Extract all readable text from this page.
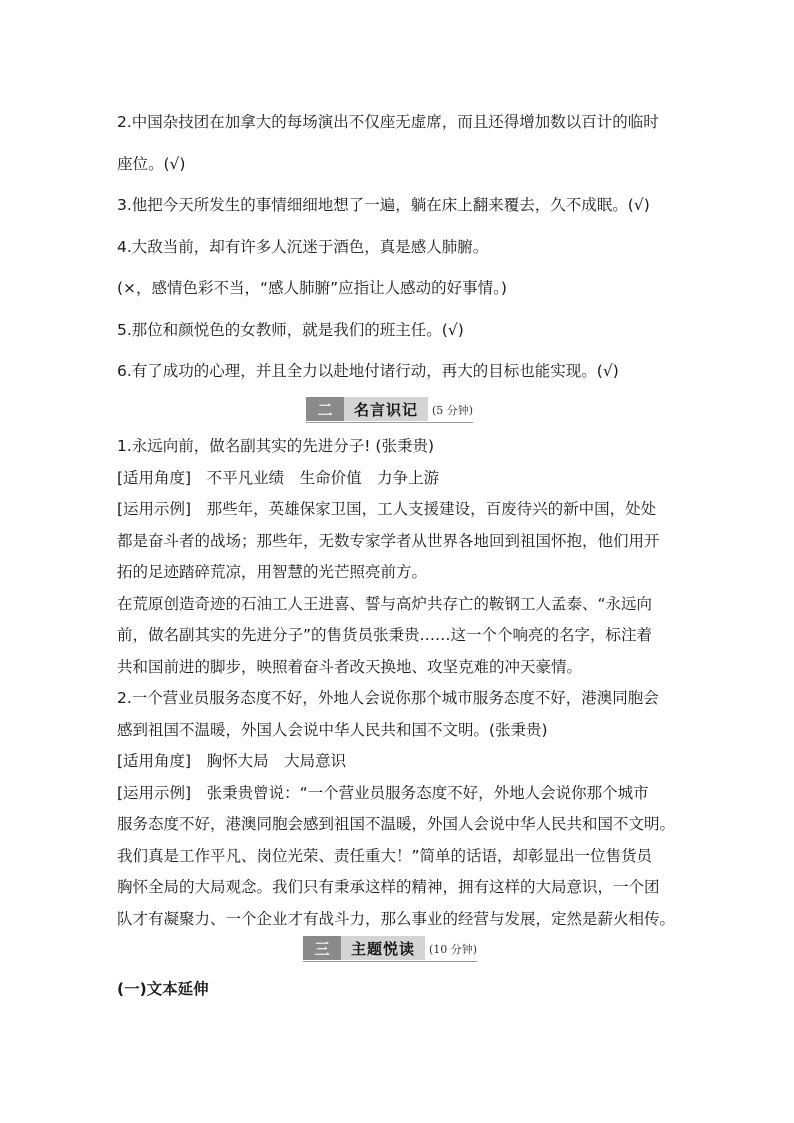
2.中国杂技团在加拿大的每场演出不仅座无虚席，而且还得增加数以百计的临时
座位。(√)
3.他把今天所发生的事情细细地想了一遍，躺在床上翻来覆去，久不成眠。(√)
4.大敌当前，却有许多人沉迷于酒色，真是感人肺腑。
(×，感情色彩不当，“感人肺腑”应指让人感动的好事情。)
5.那位和颜悦色的女教师，就是我们的班主任。(√)
6.有了成功的心理，并且全力以赴地付诸行动，再大的目标也能实现。(√)
二	名言识记	(5 分钟)
1.永远向前，做名副其实的先进分子! (张秉贵)
[适用角度]　不平凡业绩　生命价值　力争上游
[运用示例]　那些年，英雄保家卫国，工人支援建设，百废待兴的新中国，处处
都是奋斗者的战场；那些年，无数专家学者从世界各地回到祖国怀抱，他们用开
拓的足迹踏碎荒凉，用智慧的光芒照亮前方。
在荒原创造奇迹的石油工人王进喜、誓与高炉共存亡的鞍钢工人孟泰、“永远向
前，做名副其实的先进分子”的售货员张秉贵……这一个个响亮的名字，标注着
共和国前进的脚步，映照着奋斗者改天换地、攻坚克难的冲天豪情。
2.一个营业员服务态度不好，外地人会说你那个城市服务态度不好，港澳同胞会
感到祖国不温暖，外国人会说中华人民共和国不文明。(张秉贵)
[适用角度]　胸怀大局　大局意识
[运用示例]　张秉贵曾说：“一个营业员服务态度不好，外地人会说你那个城市
服务态度不好，港澳同胞会感到祖国不温暖，外国人会说中华人民共和国不文明。
我们真是工作平凡、岗位光荣、责任重大！”简单的话语，却彰显出一位售货员
胸怀全局的大局观念。我们只有秉承这样的精神，拥有这样的大局意识，一个团
队才有凝聚力、一个企业才有战斗力，那么事业的经营与发展，定然是薪火相传。
三	主题悦读	(10 分钟)
(一)文本延伸
